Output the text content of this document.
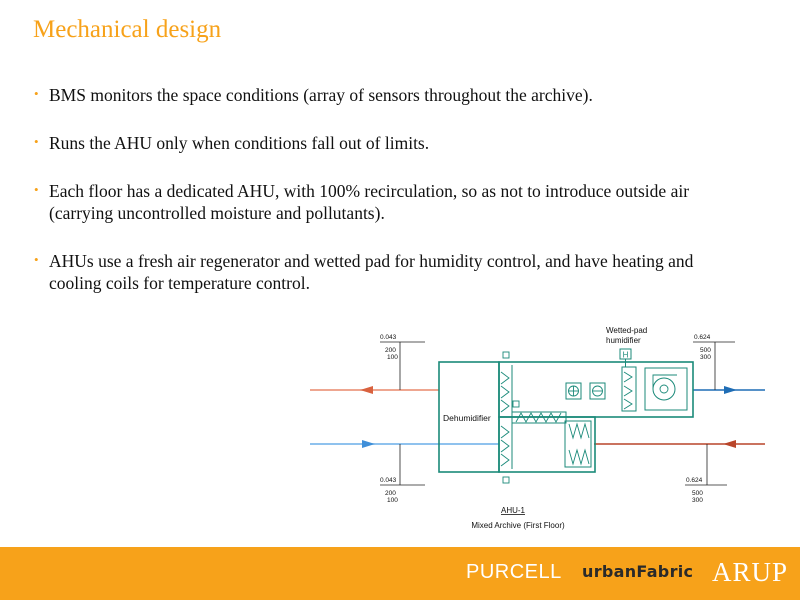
Mechanical design
• BMS monitors the space conditions (array of sensors throughout the archive).
• Runs the AHU only when conditions fall out of limits.
• Each floor has a dedicated AHU, with 100% recirculation, so as not to introduce outside air (carrying uncontrolled moisture and pollutants).
• AHUs use a fresh air regenerator and wetted pad for humidity control, and have heating and cooling coils for temperature control.
H
Dehumidifier
0.043
200
100
0.043
200
100
0.624
500
300
0.624
500
300
Wetted-pad
humidifier
AHU-1
Mixed Archive (First Floor)
PURCELL urbanFabric ARUP
